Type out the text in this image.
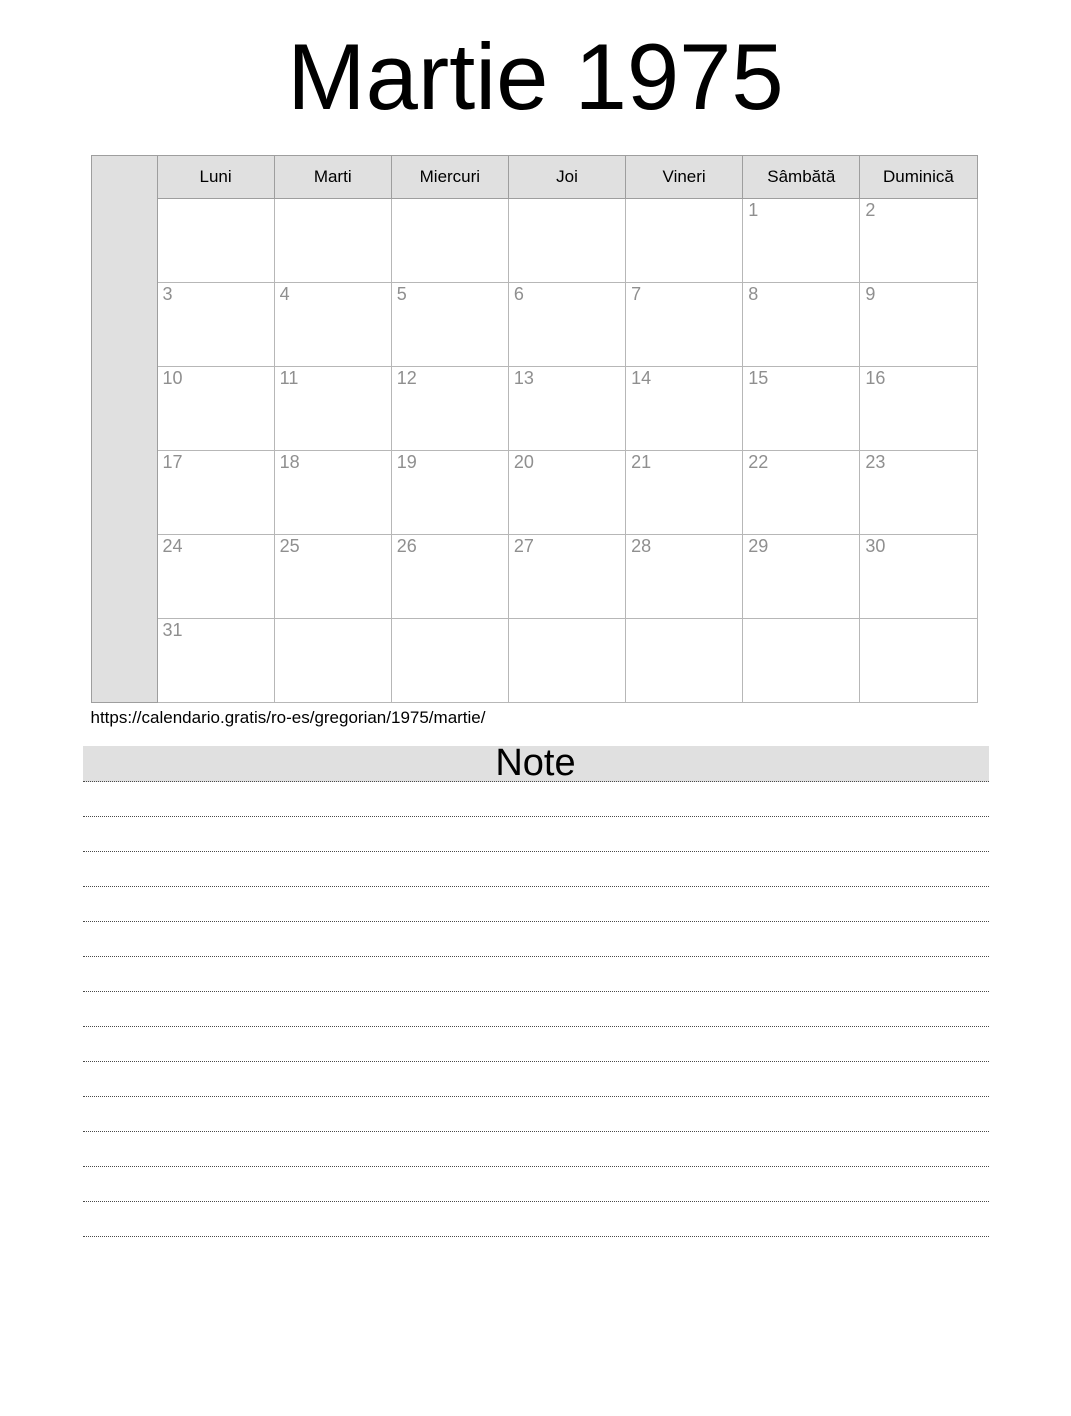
Martie 1975
	Luni	Marti	Miercuri	Joi	Vineri	Sâmbătă	Duminică
						1	2
	3	4	5	6	7	8	9
	10	11	12	13	14	15	16
	17	18	19	20	21	22	23
	24	25	26	27	28	29	30
	31						
https://calendario.gratis/ro-es/gregorian/1975/martie/
Note
